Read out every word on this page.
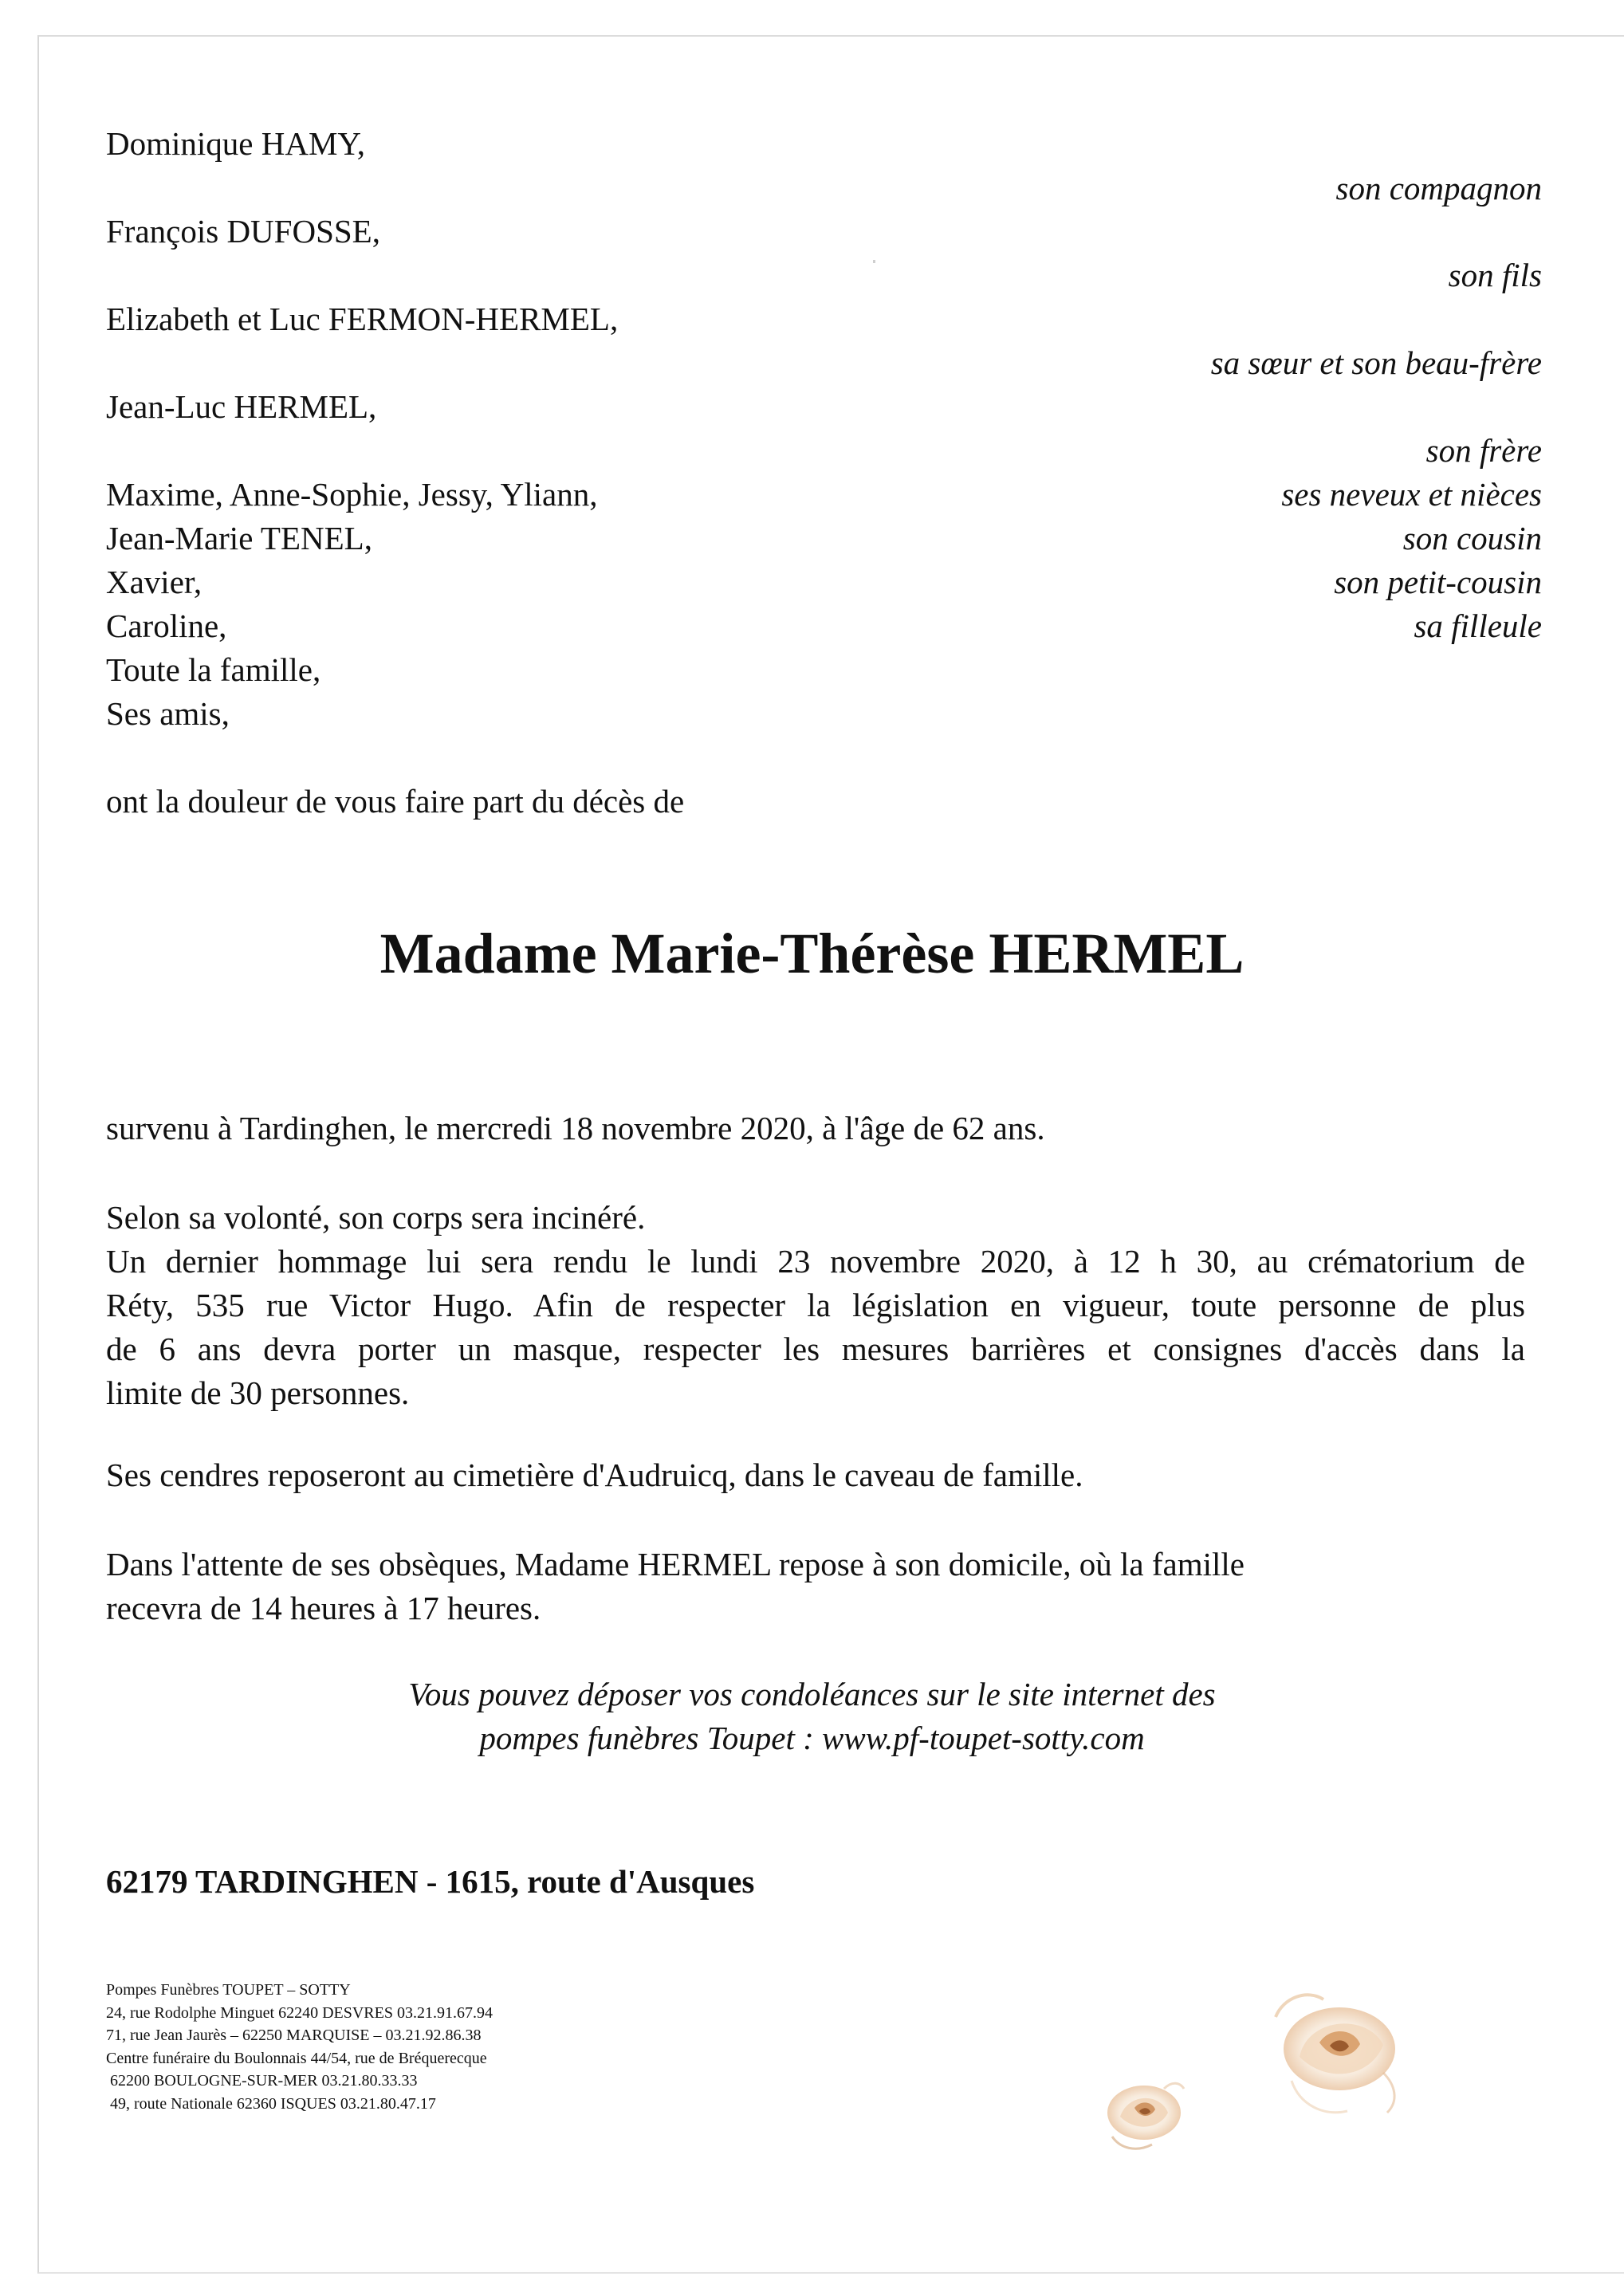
Dominique HAMY,
son compagnon
François DUFOSSE,
son fils
Elizabeth et Luc FERMON-HERMEL,
sa sœur et son beau-frère
Jean-Luc HERMEL,
son frère
Maxime, Anne-Sophie, Jessy, Yliann,
Jean-Marie TENEL,
Xavier,
Caroline,
Toute la famille,
Ses amis,
ses neveux et nièces
son cousin
son petit-cousin
sa filleule
ont la douleur de vous faire part du décès de
Madame Marie-Thérèse HERMEL
survenu à Tardinghen, le mercredi 18 novembre 2020, à l'âge de 62 ans.
Selon sa volonté, son corps sera incinéré.
Un dernier hommage lui sera rendu le lundi 23 novembre 2020, à 12 h 30, au crématorium de
Réty, 535 rue Victor Hugo. Afin de respecter la législation en vigueur, toute personne de plus
de 6 ans devra porter un masque, respecter les mesures barrières et consignes d'accès dans la
limite de 30 personnes.
Ses cendres reposeront au cimetière d'Audruicq, dans le caveau de famille.
Dans l'attente de ses obsèques, Madame HERMEL repose à son domicile, où la famille
recevra de 14 heures à 17 heures.
Vous pouvez déposer vos condoléances sur le site internet des
pompes funèbres Toupet : www.pf-toupet-sotty.com
62179 TARDINGHEN - 1615, route d'Ausques
Pompes Funèbres TOUPET – SOTTY
24, rue Rodolphe Minguet 62240 DESVRES 03.21.91.67.94
71, rue Jean Jaurès – 62250 MARQUISE – 03.21.92.86.38
Centre funéraire du Boulonnais 44/54, rue de Bréquerecque
62200 BOULOGNE-SUR-MER 03.21.80.33.33
49, route Nationale 62360 ISQUES 03.21.80.47.17
